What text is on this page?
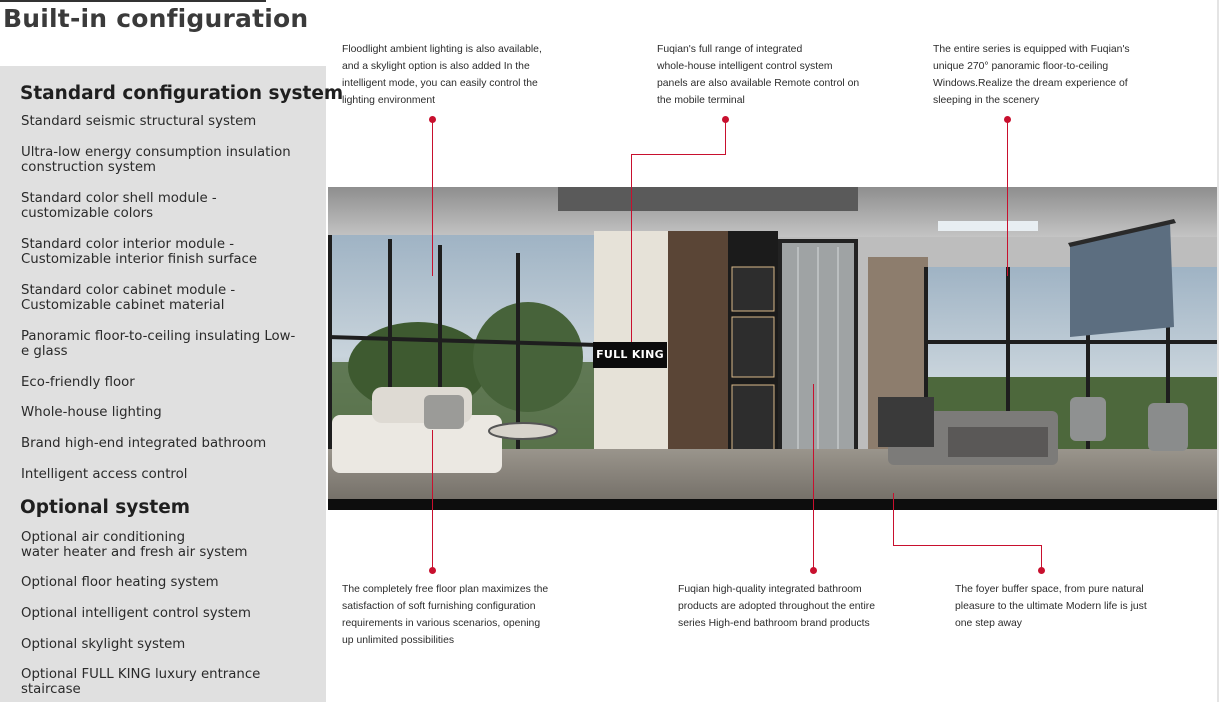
Built-in configuration
Standard configuration system
Standard seismic structural system
Ultra-low energy consumption insulation
construction system
Standard color shell module -
customizable colors
Standard color interior module -
Customizable interior finish surface
Standard color cabinet module -
Customizable cabinet material
Panoramic floor-to-ceiling insulating Low-
e glass
Eco-friendly floor
Whole-house lighting
Brand high-end integrated bathroom
Intelligent access control
Optional system
Optional air conditioning
water heater and fresh air system
Optional floor heating system
Optional intelligent control system
Optional skylight system
Optional FULL KING luxury entrance staircase
FULL KING
Floodlight ambient lighting is also available,
and a skylight option is also added In the
intelligent mode, you can easily control the
lighting environment
Fuqian's full range of integrated
whole-house intelligent control system
panels are also available Remote control on
the mobile terminal
The entire series is equipped with Fuqian's
unique 270° panoramic floor-to-ceiling
Windows.Realize the dream experience of
sleeping in the scenery
The completely free floor plan maximizes the
satisfaction of soft furnishing configuration
requirements in various scenarios, opening
up unlimited possibilities
Fuqian high-quality integrated bathroom
products are adopted throughout the entire
series High-end bathroom brand products
The foyer buffer space, from pure natural
pleasure to the ultimate Modern life is just
one step away
